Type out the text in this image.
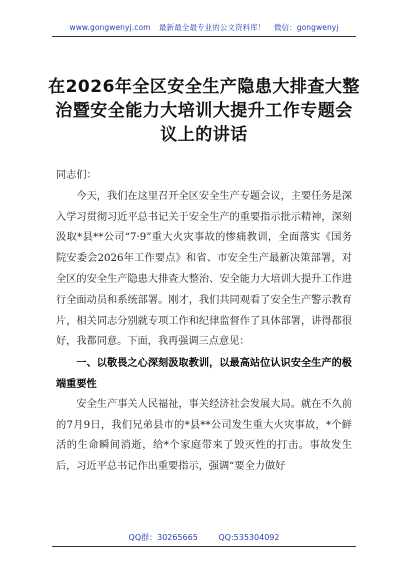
www.gongwenyj.com 最新最全最专业的公文资料库！ 微信：gongwenyj
在2026年全区安全生产隐患大排查大整治暨安全能力大培训大提升工作专题会议上的讲话

同志们：

今天，我们在这里召开全区安全生产专题会议，主要任务是深入学习贯彻习近平总书记关于安全生产的重要指示批示精神，深刻汲取*县**公司“7·9”重大火灾事故的惨痛教训，全面落实《国务院安委会2026年工作要点》和省、市安全生产最新决策部署，对全区的安全生产隐患大排查大整治、安全能力大培训大提升工作进行全面动员和系统部署。刚才，我们共同观看了安全生产警示教育片，相关同志分别就专项工作和纪律监督作了具体部署，讲得都很好，我都同意。下面，我再强调三点意见：

一、以敬畏之心深刻汲取教训，以最高站位认识安全生产的极端重要性

安全生产事关人民福祉，事关经济社会发展大局。就在不久前的7月9日，我们兄弟县市的*县**公司发生重大火灾事故，*个鲜活的生命瞬间消逝，给*个家庭带来了毁灭性的打击。事故发生后，习近平总书记作出重要指示，强调“要全力做好

QQ群：30265665	QQ:535304092
